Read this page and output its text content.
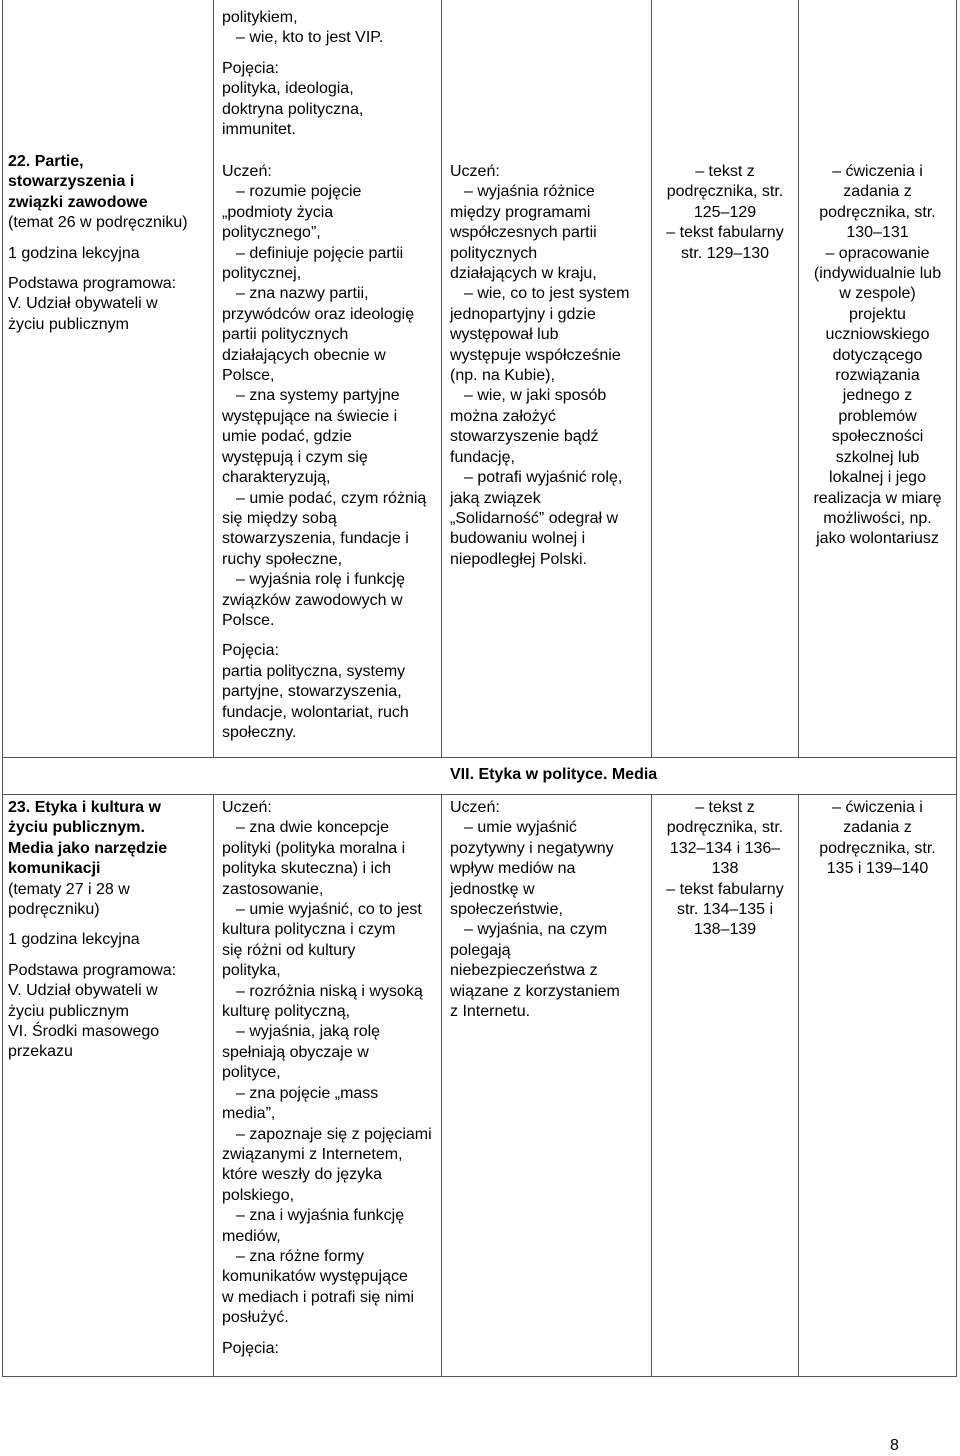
politykiem,
– wie, kto to jest VIP.
Pojęcia:
polityka, ideologia,
doktryna polityczna,
immunitet.
22. Partie,
stowarzyszenia i
związki zawodowe
(temat 26 w podręczniku)
1 godzina lekcyjna
Podstawa programowa:
V. Udział obywateli w
życiu publicznym
Uczeń:
– rozumie pojęcie
„podmioty życia
politycznego”,
– definiuje pojęcie partii
politycznej,
– zna nazwy partii,
przywódców oraz ideologię
partii politycznych
działających obecnie w
Polsce,
– zna systemy partyjne
występujące na świecie i
umie podać, gdzie
występują i czym się
charakteryzują,
– umie podać, czym różnią
się między sobą
stowarzyszenia, fundacje i
ruchy społeczne,
– wyjaśnia rolę i funkcję
związków zawodowych w
Polsce.
Pojęcia:
partia polityczna, systemy
partyjne, stowarzyszenia,
fundacje, wolontariat, ruch
społeczny.
Uczeń:
– wyjaśnia różnice
między programami
współczesnych partii
politycznych
działających w kraju,
– wie, co to jest system
jednopartyjny i gdzie
występował lub
występuje współcześnie
(np. na Kubie),
– wie, w jaki sposób
można założyć
stowarzyszenie bądź
fundację,
– potrafi wyjaśnić rolę,
jaką związek
„Solidarność” odegrał w
budowaniu wolnej i
niepodległej Polski.
– tekst z
podręcznika, str.
125–129
– tekst fabularny
str. 129–130
– ćwiczenia i
zadania z
podręcznika, str.
130–131
– opracowanie
(indywidualnie lub
w zespole)
projektu
uczniowskiego
dotyczącego
rozwiązania
jednego z
problemów
społeczności
szkolnej lub
lokalnej i jego
realizacja w miarę
możliwości, np.
jako wolontariusz
VII. Etyka w polityce. Media
23. Etyka i kultura w
życiu publicznym.
Media jako narzędzie
komunikacji
(tematy 27 i 28 w
podręczniku)
1 godzina lekcyjna
Podstawa programowa:
V. Udział obywateli w
życiu publicznym
VI. Środki masowego
przekazu
Uczeń:
– zna dwie koncepcje
polityki (polityka moralna i
polityka skuteczna) i ich
zastosowanie,
– umie wyjaśnić, co to jest
kultura polityczna i czym
się różni od kultury
polityka,
– rozróżnia niską i wysoką
kulturę polityczną,
– wyjaśnia, jaką rolę
spełniają obyczaje w
polityce,
– zna pojęcie „mass
media”,
– zapoznaje się z pojęciami
związanymi z Internetem,
które weszły do języka
polskiego,
– zna i wyjaśnia funkcję
mediów,
– zna różne formy
komunikatów występujące
w mediach i potrafi się nimi
posłużyć.
Pojęcia:
Uczeń:
– umie wyjaśnić
pozytywny i negatywny
wpływ mediów na
jednostkę w
społeczeństwie,
– wyjaśnia, na czym
polegają
niebezpieczeństwa z
wiązane z korzystaniem
z Internetu.
– tekst z
podręcznika, str.
132–134 i 136–
138
– tekst fabularny
str. 134–135 i
138–139
– ćwiczenia i
zadania z
podręcznika, str.
135 i 139–140
8
